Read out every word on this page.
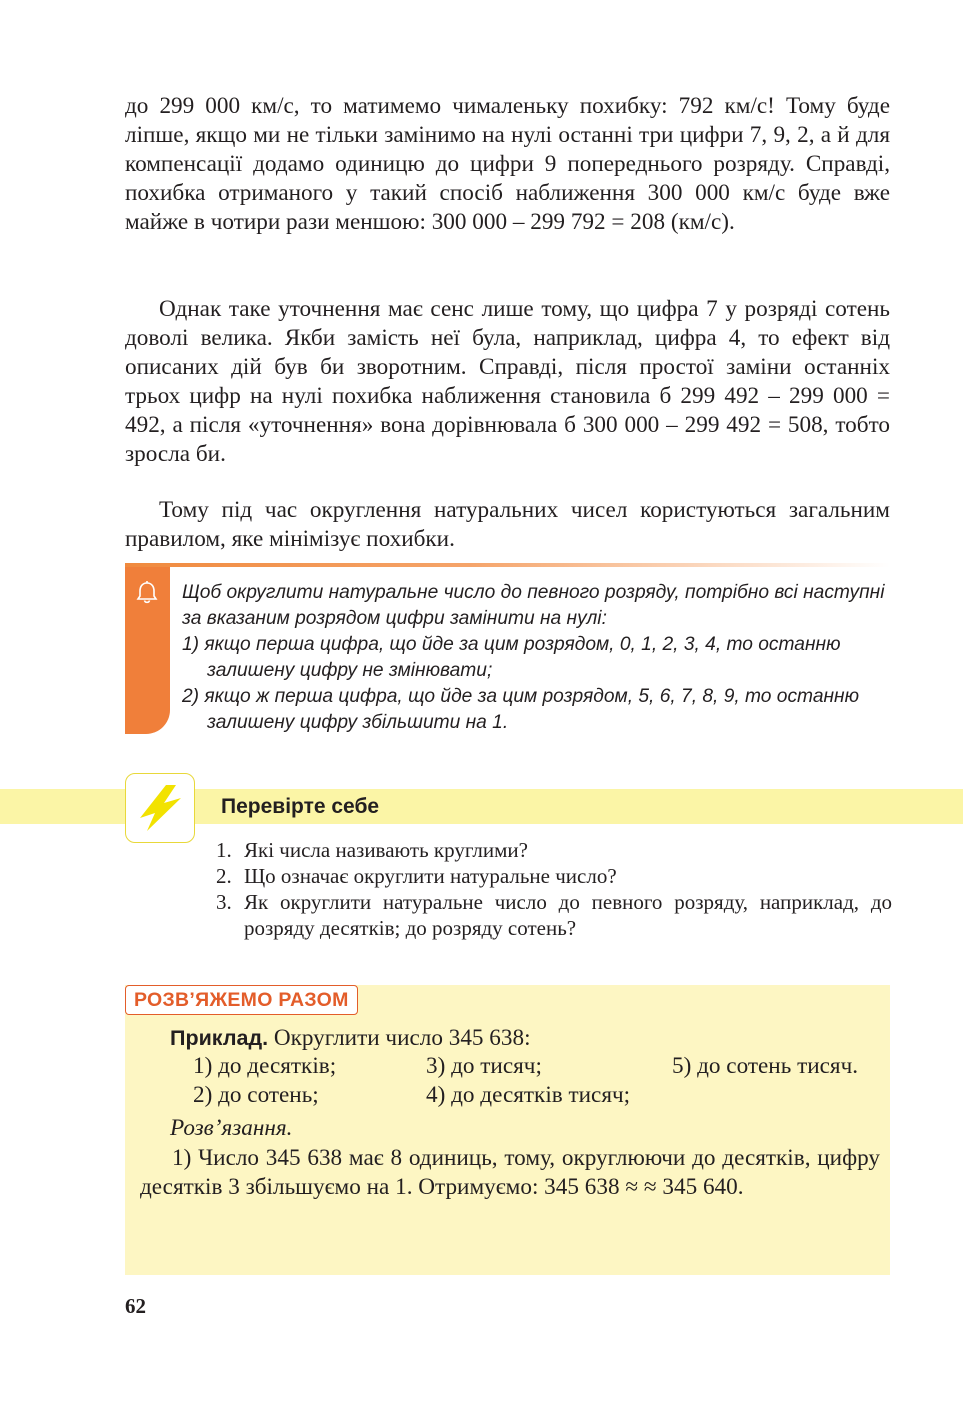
до 299 000 км/с, то матимемо чималеньку похибку: 792 км/с! Тому буде ліпше, якщо ми не тільки замінимо на нулі останні три цифри 7, 9, 2, а й для компенсації додамо одиницю до цифри 9 попереднього розряду. Справді, похибка отриманого у такий спосіб наближення 300 000 км/с буде вже майже в чотири рази меншою: 300 000 – 299 792 = 208 (км/с).

Однак таке уточнення має сенс лише тому, що цифра 7 у розряді сотень доволі велика. Якби замість неї була, наприклад, цифра 4, то ефект від описаних дій був би зворотним. Справді, після простої заміни останніх трьох цифр на нулі похибка наближення становила б 299 492 – 299 000 = 492, а після «уточнення» вона дорівнювала б 300 000 – 299 492 = 508, тобто зросла би.

Тому під час округлення натуральних чисел користуються загальним правилом, яке мінімізує похибки.

Щоб округлити натуральне число до певного розряду, потрібно всі наступні за вказаним розрядом цифри замінити на нулі:

1) якщо перша цифра, що йде за цим розрядом, 0, 1, 2, 3, 4, то останню залишену цифру не змінювати;

2) якщо ж перша цифра, що йде за цим розрядом, 5, 6, 7, 8, 9, то останню залишену цифру збільшити на 1.

Перевірте себе
1. Які числа називають круглими?
2. Що означає округлити натуральне число?
3. Як округлити натуральне число до певного розряду, наприклад, до розряду десятків; до розряду сотень?
РОЗВ’ЯЖЕМО РАЗОМ
Приклад. Округлити число 345 638:
1) до десятків;
2) до сотень;
3) до тисяч;
4) до десятків тисяч;
5) до сотень тисяч.
Розв’язання.

1) Число 345 638 має 8 одиниць, тому, округлюючи до десятків, цифру десятків 3 збільшуємо на 1. Отримуємо: 345 638 ≈ ≈ 345 640.

62
